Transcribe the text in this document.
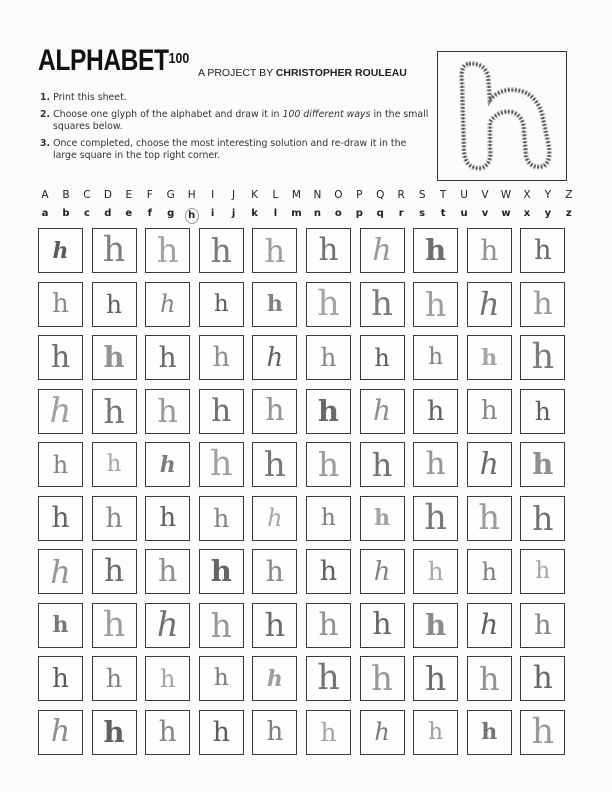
ALPHABET$^{100}$
A PROJECT BY CHRISTOPHER ROULEAU
1. Print this sheet.
2. Choose one glyph of the alphabet and draw it in 100 different ways in the small squares below.
3. Once completed, choose the most interesting solution and re-draw it in the large square in the top right corner.
A	B	C	D	E	F	G H	I	J	K	L	M N O	P	Q	R	S	T	U	V	W	X	Y	Z
a	b	c	d	e	f	g	h	i	j	k	l	m	n	o	p	q	r	s	t	u	v	w	x	y	z
h h h h h h h h h h
h h h h h h h h h h
h h h h h h h h h h
h h h h h h h h h h
h h h h h h h h h h
h h h h h h h h h h
h h h h h h h h h h
h h h h h h h h h h
h h h h h h h h h h
h h h h h h h h h h
